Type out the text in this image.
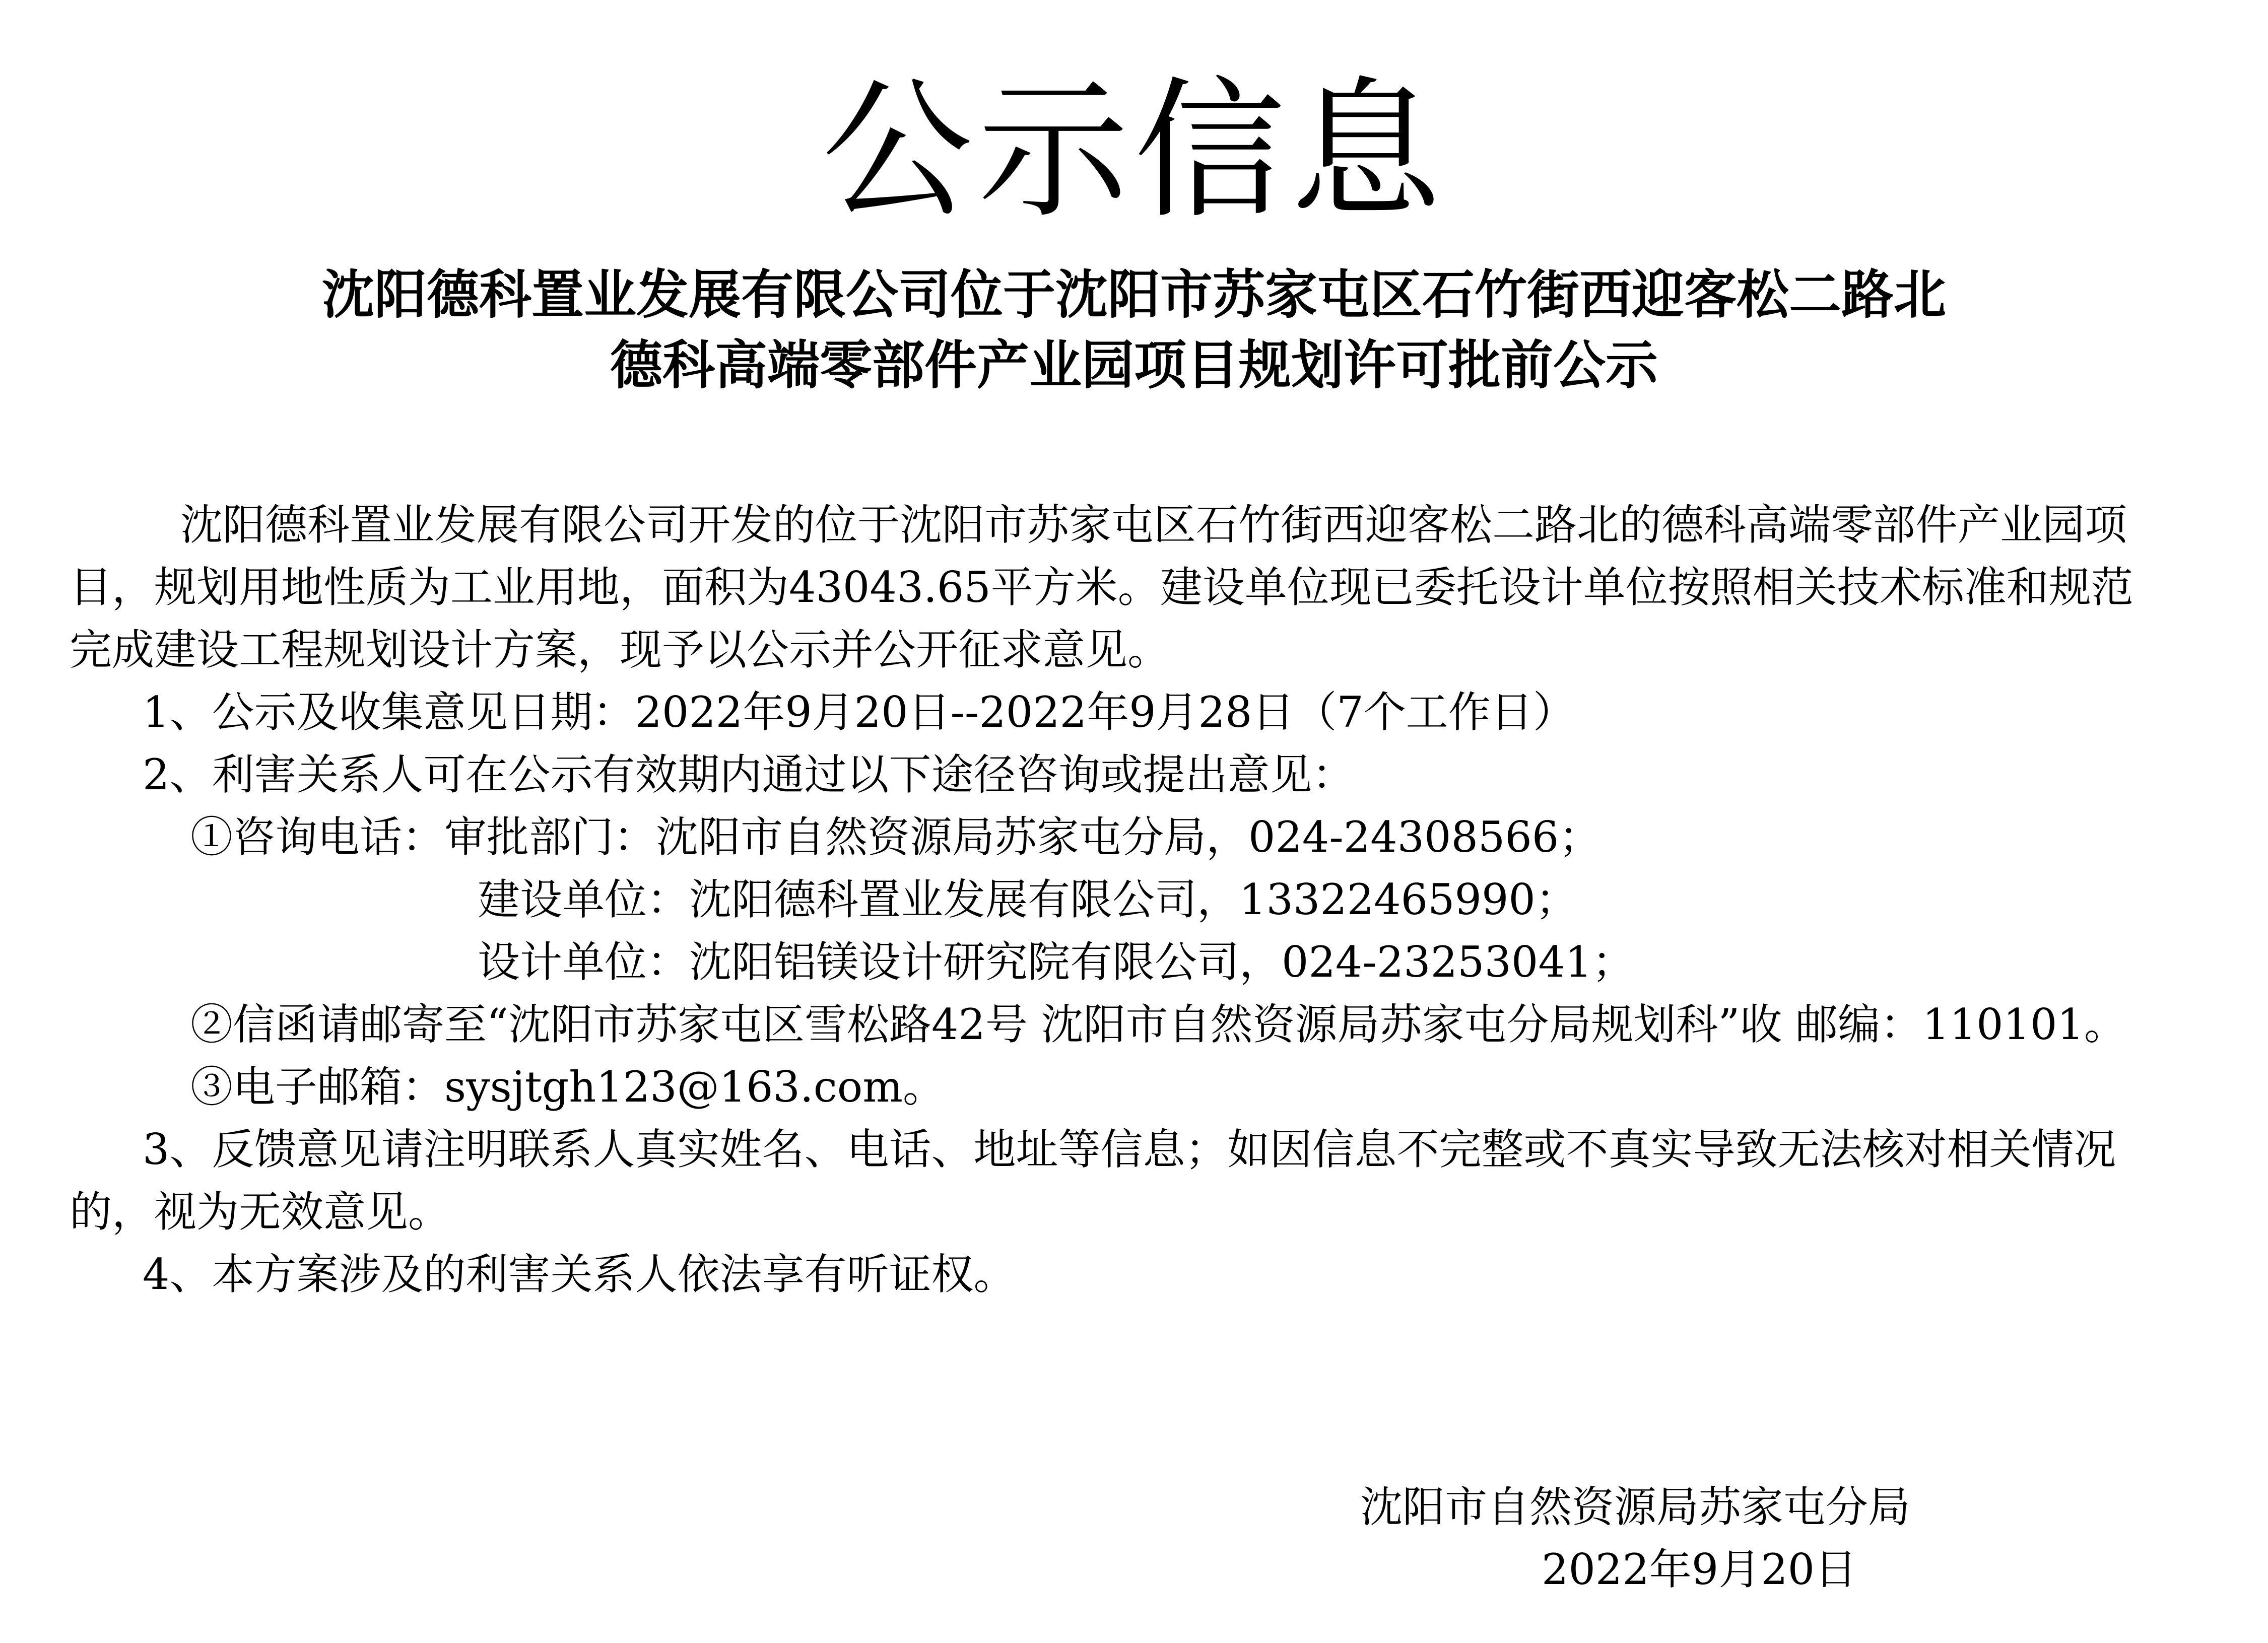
公示信息
沈阳德科置业发展有限公司位于沈阳市苏家屯区石竹街西迎客松二路北
德科高端零部件产业园项目规划许可批前公示
沈阳德科置业发展有限公司开发的位于沈阳市苏家屯区石竹街西迎客松二路北的德科高端零部件产业园项
目，规划用地性质为工业用地，面积为43043.65平方米。建设单位现已委托设计单位按照相关技术标准和规范
完成建设工程规划设计方案，现予以公示并公开征求意见。
1、公示及收集意见日期：2022年9月20日--2022年9月28日（7个工作日）
2、利害关系人可在公示有效期内通过以下途径咨询或提出意见：
①咨询电话：审批部门：沈阳市自然资源局苏家屯分局，024-24308566；
建设单位：沈阳德科置业发展有限公司，13322465990；
设计单位：沈阳铝镁设计研究院有限公司，024-23253041；
②信函请邮寄至“沈阳市苏家屯区雪松路42号 沈阳市自然资源局苏家屯分局规划科”收 邮编：110101。
③电子邮箱：sysjtgh123@163.com。
3、反馈意见请注明联系人真实姓名、电话、地址等信息；如因信息不完整或不真实导致无法核对相关情况
的，视为无效意见。
4、本方案涉及的利害关系人依法享有听证权。
沈阳市自然资源局苏家屯分局
2022年9月20日
